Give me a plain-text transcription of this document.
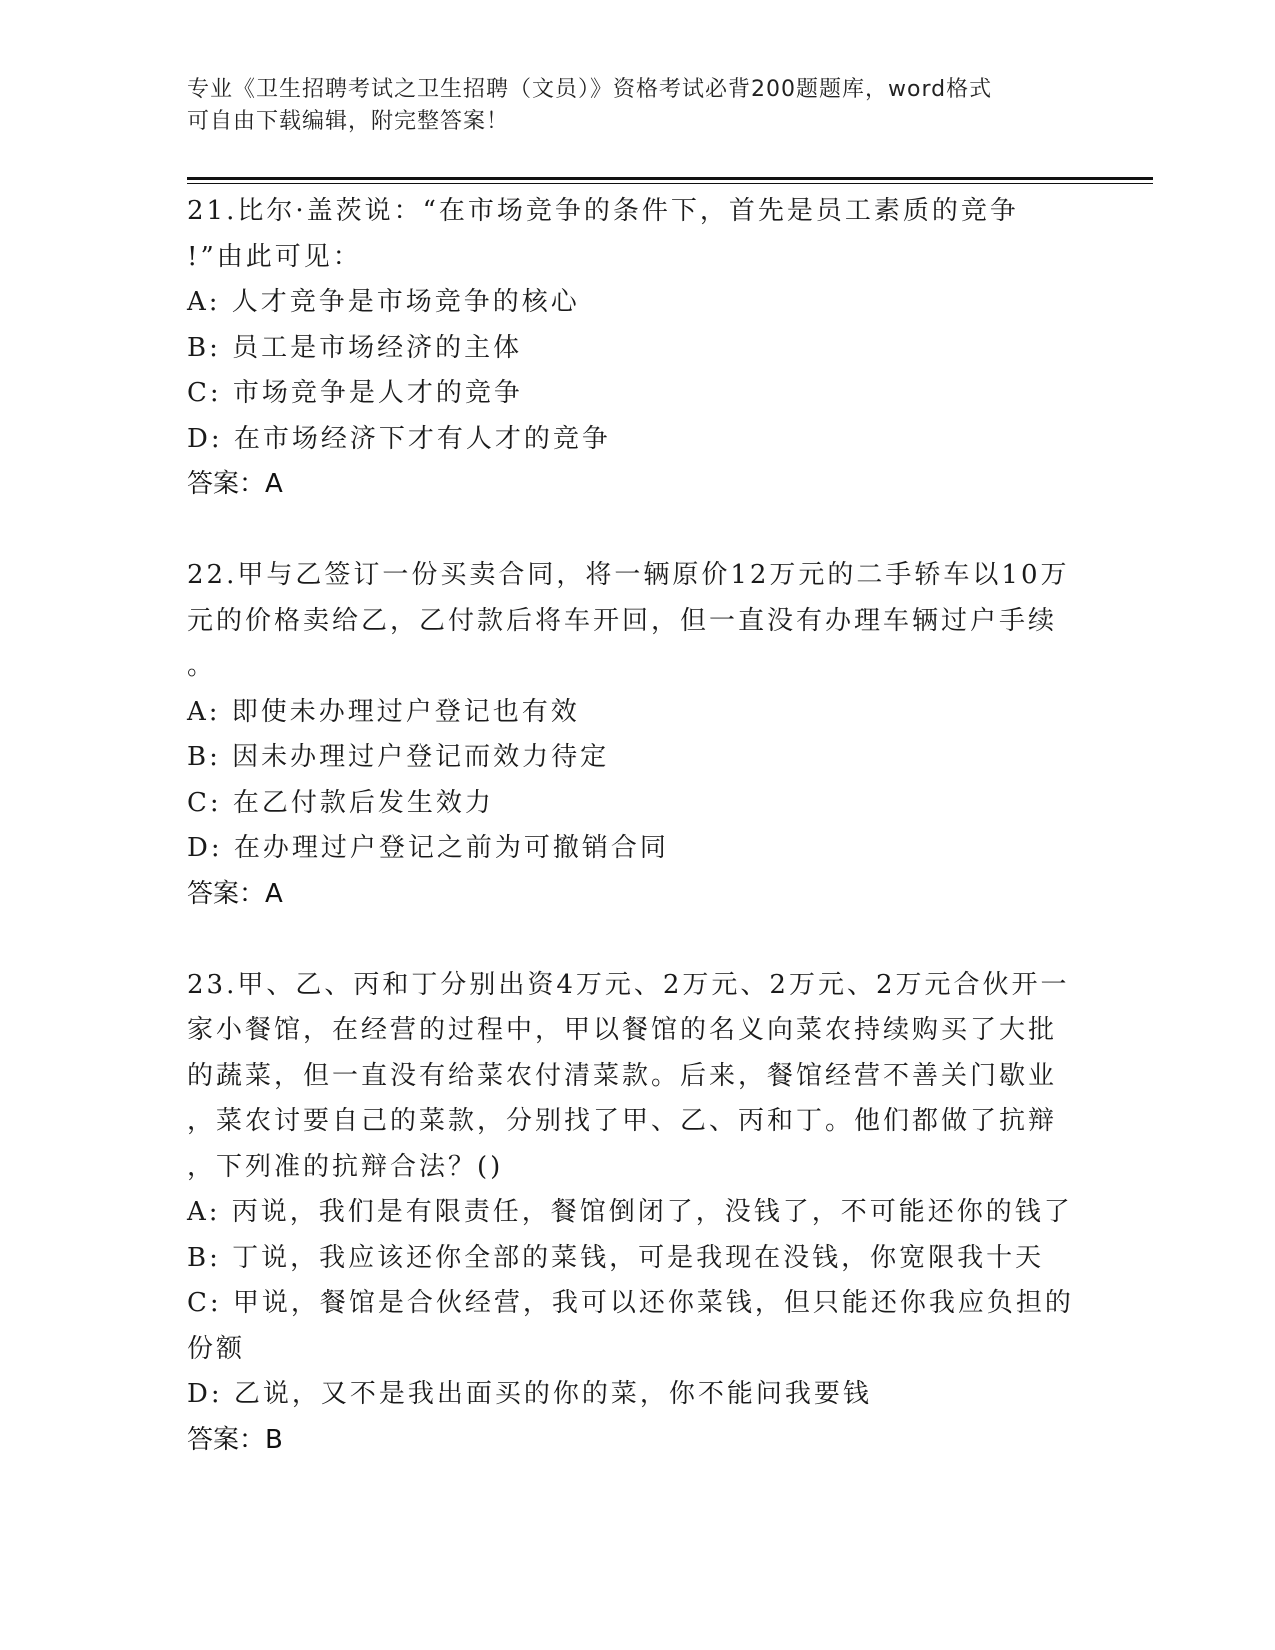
专业《卫生招聘考试之卫生招聘（文员）》资格考试必背200题题库，word格式
可自由下载编辑，附完整答案！
21.比尔·盖茨说：“在市场竞争的条件下，首先是员工素质的竞争
!”由此可见：
A: 人才竞争是市场竞争的核心
B: 员工是市场经济的主体
C: 市场竞争是人才的竞争
D: 在市场经济下才有人才的竞争
答案：A
22.甲与乙签订一份买卖合同，将一辆原价12万元的二手轿车以10万
元的价格卖给乙，乙付款后将车开回，但一直没有办理车辆过户手续
。
A: 即使未办理过户登记也有效
B: 因未办理过户登记而效力待定
C: 在乙付款后发生效力
D: 在办理过户登记之前为可撤销合同
答案：A
23.甲、乙、丙和丁分别出资4万元、2万元、2万元、2万元合伙开一
家小餐馆，在经营的过程中，甲以餐馆的名义向菜农持续购买了大批
的蔬菜，但一直没有给菜农付清菜款。后来，餐馆经营不善关门歇业
，菜农讨要自己的菜款，分别找了甲、乙、丙和丁。他们都做了抗辩
，下列准的抗辩合法？()
A: 丙说，我们是有限责任，餐馆倒闭了，没钱了，不可能还你的钱了
B: 丁说，我应该还你全部的菜钱，可是我现在没钱，你宽限我十天
C: 甲说，餐馆是合伙经营，我可以还你菜钱，但只能还你我应负担的
份额
D: 乙说，又不是我出面买的你的菜，你不能问我要钱
答案：B
